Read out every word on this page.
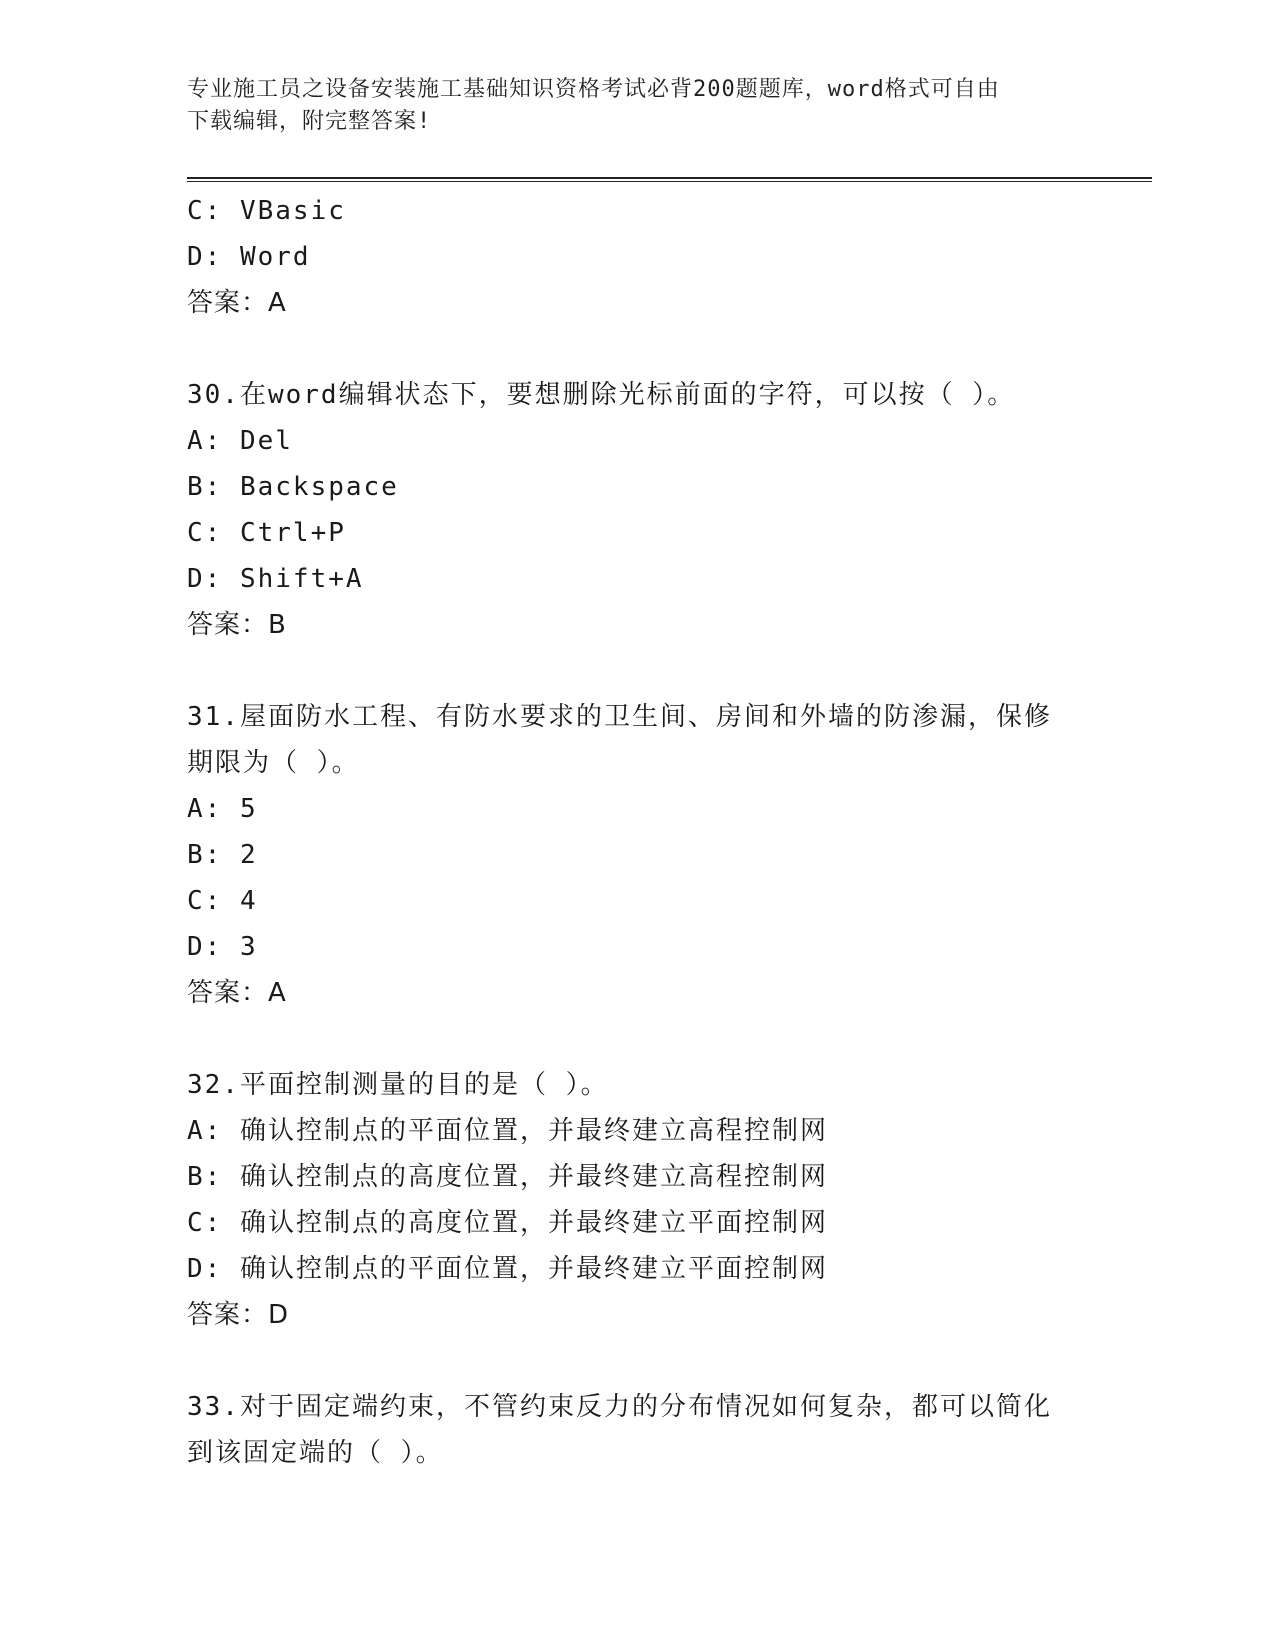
专业施工员之设备安装施工基础知识资格考试必背200题题库，word格式可自由
下载编辑，附完整答案!

C: VBasic

D: Word

答案：A

30.在word编辑状态下，要想删除光标前面的字符，可以按（ ）。

A: Del

B: Backspace

C: Ctrl+P

D: Shift+A

答案：B

31.屋面防水工程、有防水要求的卫生间、房间和外墙的防渗漏，保修

期限为（ ）。

A: 5

B: 2

C: 4

D: 3

答案：A

32.平面控制测量的目的是（ ）。

A: 确认控制点的平面位置，并最终建立高程控制网

B: 确认控制点的高度位置，并最终建立高程控制网

C: 确认控制点的高度位置，并最终建立平面控制网

D: 确认控制点的平面位置，并最终建立平面控制网

答案：D

33.对于固定端约束，不管约束反力的分布情况如何复杂，都可以简化

到该固定端的（ ）。
